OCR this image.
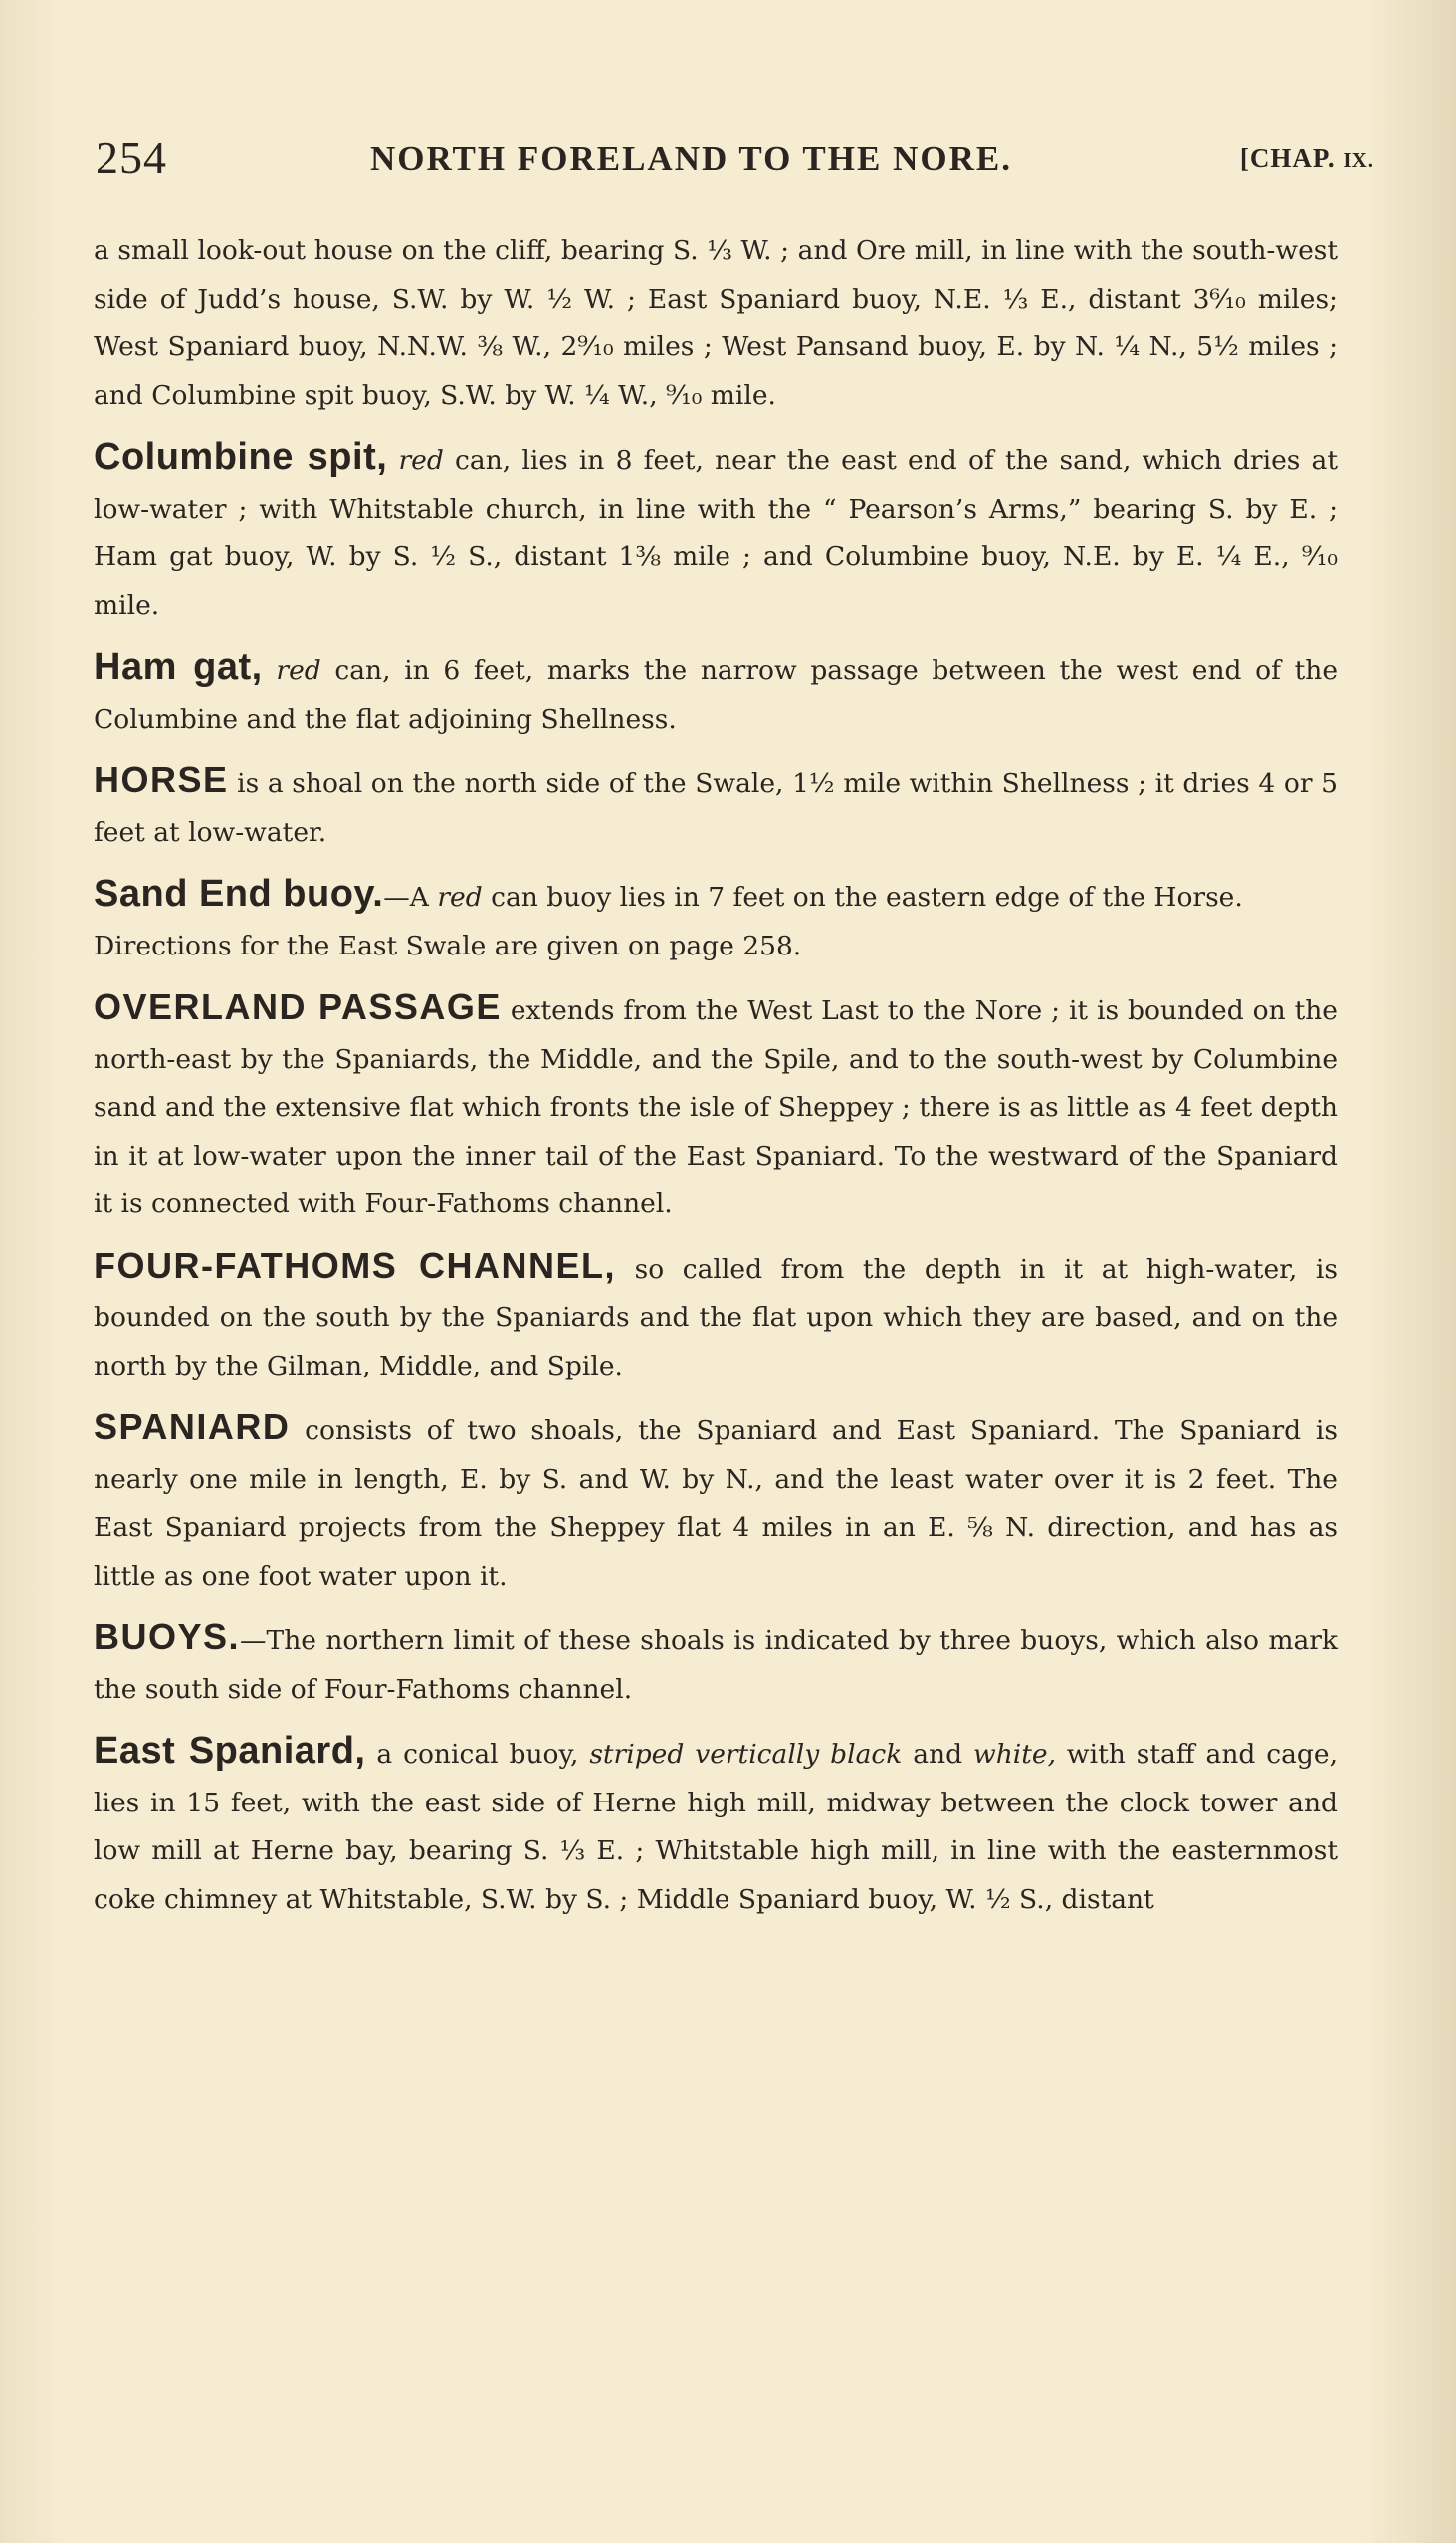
254	NORTH FORELAND TO THE NORE.	[CHAP. IX.

a small look-out house on the cliff, bearing S. ⅓ W. ; and Ore mill, in line with the south-west side of Judd’s house, S.W. by W. ½ W. ; East Spaniard buoy, N.E. ⅓ E., distant 3⁶⁄₁₀ miles; West Spaniard buoy, N.N.W. ⅜ W., 2⁹⁄₁₀ miles ; West Pansand buoy, E. by N. ¼ N., 5½ miles ; and Columbine spit buoy, S.W. by W. ¼ W., ⁹⁄₁₀ mile.

Columbine spit, red can, lies in 8 feet, near the east end of the sand, which dries at low-water ; with Whitstable church, in line with the “ Pearson’s Arms,” bearing S. by E. ; Ham gat buoy, W. by S. ½ S., distant 1⅜ mile ; and Columbine buoy, N.E. by E. ¼ E., ⁹⁄₁₀ mile.

Ham gat, red can, in 6 feet, marks the narrow passage between the west end of the Columbine and the flat adjoining Shellness.

HORSE is a shoal on the north side of the Swale, 1½ mile within Shellness ; it dries 4 or 5 feet at low-water.

Sand End buoy.—A red can buoy lies in 7 feet on the eastern edge of the Horse.

Directions for the East Swale are given on page 258.

OVERLAND PASSAGE extends from the West Last to the Nore ; it is bounded on the north-east by the Spaniards, the Middle, and the Spile, and to the south-west by Columbine sand and the extensive flat which fronts the isle of Sheppey ; there is as little as 4 feet depth in it at low-water upon the inner tail of the East Spaniard. To the westward of the Spaniard it is connected with Four-Fathoms channel.

FOUR-FATHOMS CHANNEL, so called from the depth in it at high-water, is bounded on the south by the Spaniards and the flat upon which they are based, and on the north by the Gilman, Middle, and Spile.

SPANIARD consists of two shoals, the Spaniard and East Spaniard. The Spaniard is nearly one mile in length, E. by S. and W. by N., and the least water over it is 2 feet. The East Spaniard projects from the Sheppey flat 4 miles in an E. ⅝ N. direction, and has as little as one foot water upon it.

BUOYS.—The northern limit of these shoals is indicated by three buoys, which also mark the south side of Four-Fathoms channel.

East Spaniard, a conical buoy, striped vertically black and white, with staff and cage, lies in 15 feet, with the east side of Herne high mill, midway between the clock tower and low mill at Herne bay, bearing S. ⅓ E. ; Whitstable high mill, in line with the easternmost coke chimney at Whitstable, S.W. by S. ; Middle Spaniard buoy, W. ½ S., distant
